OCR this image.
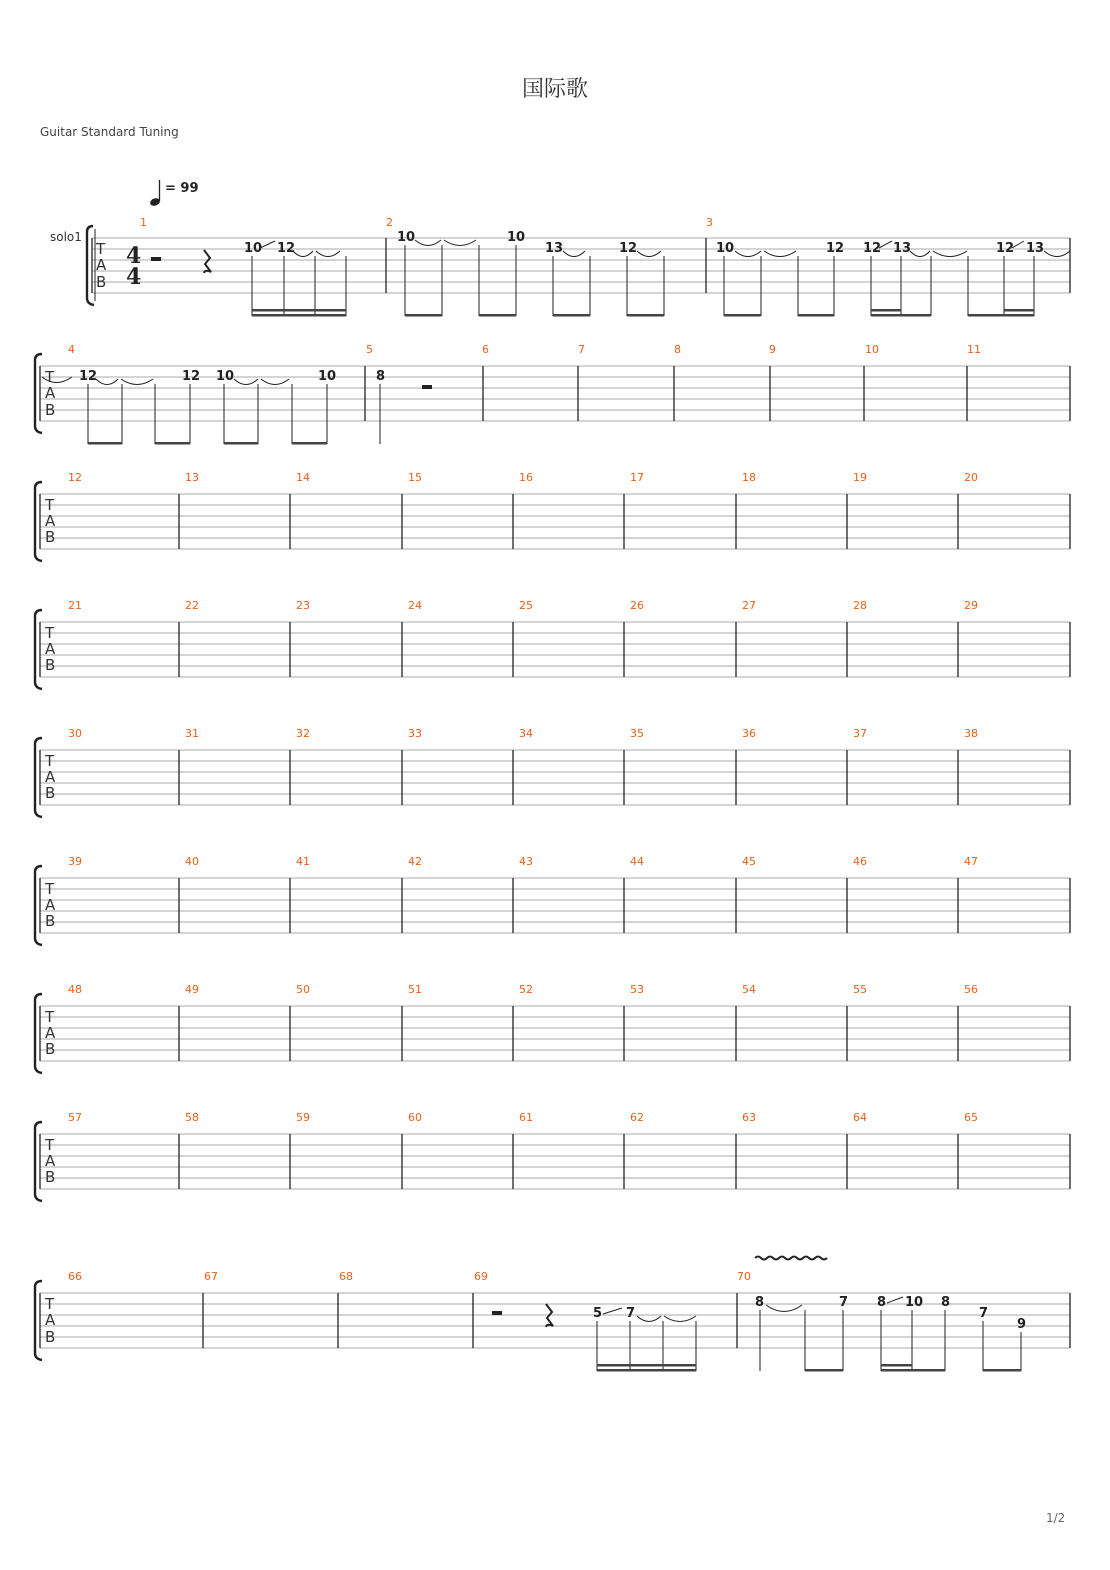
国际歌
Guitar Standard Tuning
= 99
solo1
1/2
T
A
B
4
4
1	2	3
10 12
10	10
13	12	10	12 12 13	12 13
T
A
B
4	5	6	7	8	9	10	11
12	12 10	10	8
T
A
B
12	13	14	15	16	17	18	19	20
T
A
B
21	22	23	24	25	26	27	28	29
T
A
B
30	31	32	33	34	35	36	37	38
T
A
B
39	40	41	42	43	44	45	46	47
T
A
B
48	49	50	51	52	53	54	55	56
T
A
B
57	58	59	60	61	62	63	64	65
T
A
B
66	67	68	69	70
5 7
8	7 8 10 8
7
9
